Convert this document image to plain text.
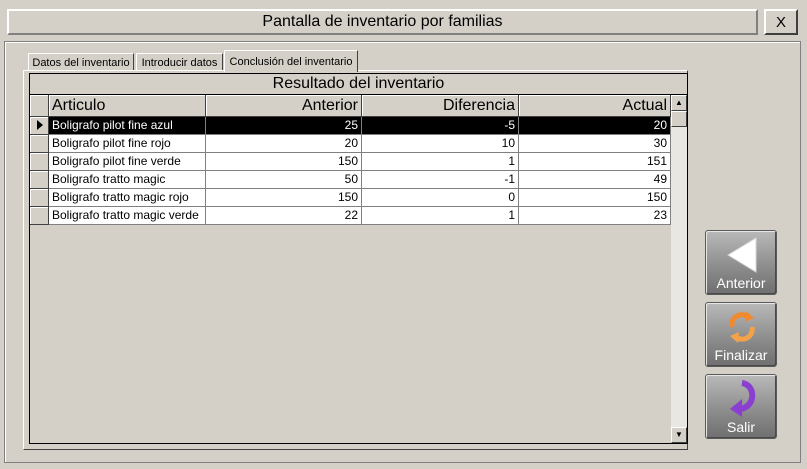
Pantalla de inventario por familias	X
Datos del inventario	Introducir datos	Conclusión del inventario
Resultado del inventario
Articulo	Anterior	Diferencia	Actual
Boligrafo pilot fine azul	25	-5	20
Boligrafo pilot fine rojo	20	10	30
Boligrafo pilot fine verde	150	1	151
Boligrafo tratto magic	50	-1	49
Boligrafo tratto magic rojo	150	0	150
Boligrafo tratto magic verde	22	1	23
▲
▼
Anterior
Finalizar
Salir
